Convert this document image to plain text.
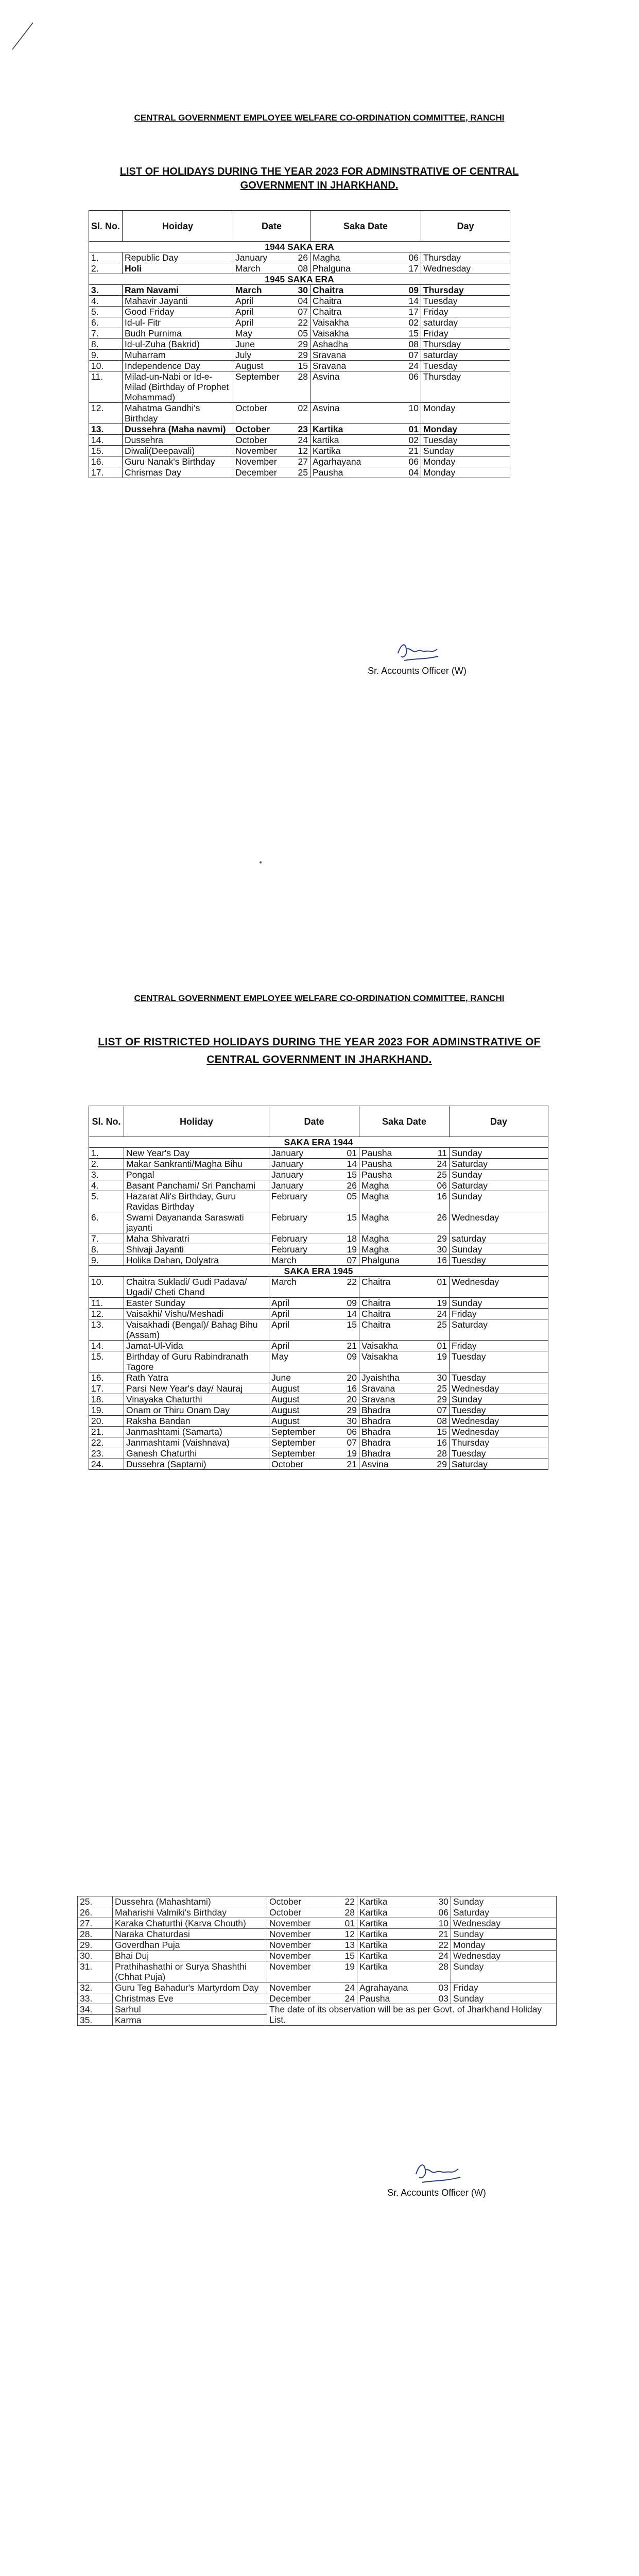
CENTRAL GOVERNMENT EMPLOYEE WELFARE CO-ORDINATION COMMITTEE, RANCHI
LIST OF HOLIDAYS DURING THE YEAR 2023 FOR ADMINSTRATIVE OF CENTRAL GOVERNMENT IN JHARKHAND.
Sl. No.	Hoiday	Date	Saka Date	Day
1944 SAKA ERA				
1.	Republic Day	January 26	Magha 06	Thursday
2.	Holi	March 08	Phalguna 17	Wednesday
1945 SAKA ERA				
3.	Ram Navami	March 30	Chaitra 09	Thursday
4.	Mahavir Jayanti	April 04	Chaitra 14	Tuesday
5.	Good Friday	April 07	Chaitra 17	Friday
6.	Id-ul- Fitr	April 22	Vaisakha 02	saturday
7.	Budh Purnima	May 05	Vaisakha 15	Friday
8.	Id-ul-Zuha (Bakrid)	June 29	Ashadha 08	Thursday
9.	Muharram	July 29	Sravana 07	saturday
10.	Independence Day	August 15	Sravana 24	Tuesday
11.	Milad-un-Nabi or Id-e-Milad (Birthday of Prophet Mohammad)	September 28	Asvina 06	Thursday
12.	Mahatma Gandhi's Birthday	October 02	Asvina 10	Monday
13.	Dussehra (Maha navmi)	October 23	Kartika 01	Monday
14.	Dussehra	October 24	kartika 02	Tuesday
15.	Diwali(Deepavali)	November 12	Kartika 21	Sunday
16.	Guru Nanak's Birthday	November 27	Agarhayana 06	Monday
17.	Chrismas Day	December 25	Pausha 04	Monday
Sr. Accounts Officer (W)
CENTRAL GOVERNMENT EMPLOYEE WELFARE CO-ORDINATION COMMITTEE, RANCHI
LIST OF RISTRICTED HOLIDAYS DURING THE YEAR 2023 FOR ADMINSTRATIVE OF CENTRAL GOVERNMENT IN JHARKHAND.
Sl. No.	Holiday	Date	Saka Date	Day
SAKA ERA 1944				
1.	New Year's Day	January 01	Pausha 11	Sunday
2.	Makar Sankranti/Magha Bihu	January 14	Pausha 24	Saturday
3.	Pongal	January 15	Pausha 25	Sunday
4.	Basant Panchami/ Sri Panchami	January 26	Magha 06	Saturday
5.	Hazarat Ali's Birthday, Guru Ravidas Birthday	February 05	Magha 16	Sunday
6.	Swami Dayananda Saraswati jayanti	February 15	Magha 26	Wednesday
7.	Maha Shivaratri	February 18	Magha 29	saturday
8.	Shivaji Jayanti	February 19	Magha 30	Sunday
9.	Holika Dahan, Dolyatra	March 07	Phalguna 16	Tuesday
SAKA ERA 1945				
10.	Chaitra Sukladi/ Gudi Padava/ Ugadi/ Cheti Chand	March 22	Chaitra 01	Wednesday
11.	Easter Sunday	April 09	Chaitra 19	Sunday
12.	Vaisakhi/ Vishu/Meshadi	April 14	Chaitra 24	Friday
13.	Vaisakhadi (Bengal)/ Bahag Bihu (Assam)	April 15	Chaitra 25	Saturday
14.	Jamat-Ul-Vida	April 21	Vaisakha 01	Friday
15.	Birthday of Guru Rabindranath Tagore	May 09	Vaisakha 19	Tuesday
16.	Rath Yatra	June 20	Jyaishtha 30	Tuesday
17.	Parsi New Year's day/ Nauraj	August 16	Sravana 25	Wednesday
18.	Vinayaka Chaturthi	August 20	Sravana 29	Sunday
19.	Onam or Thiru Onam Day	August 29	Bhadra 07	Tuesday
20.	Raksha Bandan	August 30	Bhadra 08	Wednesday
21.	Janmashtami (Samarta)	September 06	Bhadra 15	Wednesday
22.	Janmashtami (Vaishnava)	September 07	Bhadra 16	Thursday
23.	Ganesh Chaturthi	September 19	Bhadra 28	Tuesday
24.	Dussehra (Saptami)	October 21	Asvina 29	Saturday
25.	Dussehra (Mahashtami)	October 22	Kartika 30	Sunday
26.	Maharishi Valmiki's Birthday	October 28	Kartika 06	Saturday
27.	Karaka Chaturthi (Karva Chouth)	November 01	Kartika 10	Wednesday
28.	Naraka Chaturdasi	November 12	Kartika 21	Sunday
29.	Goverdhan Puja	November 13	Kartika 22	Monday
30.	Bhai Duj	November 15	Kartika 24	Wednesday
31.	Prathihashathi or Surya Shashthi (Chhat Puja)	November 19	Kartika 28	Sunday
32.	Guru Teg Bahadur's Martyrdom Day	November 24	Agrahayana 03	Friday
33.	Christmas Eve	December 24	Pausha 03	Sunday
34.	Sarhul	The date of its observation will be as per Govt. of Jharkhand Holiday List.		
35.	Karma			
Sr. Accounts Officer (W)
